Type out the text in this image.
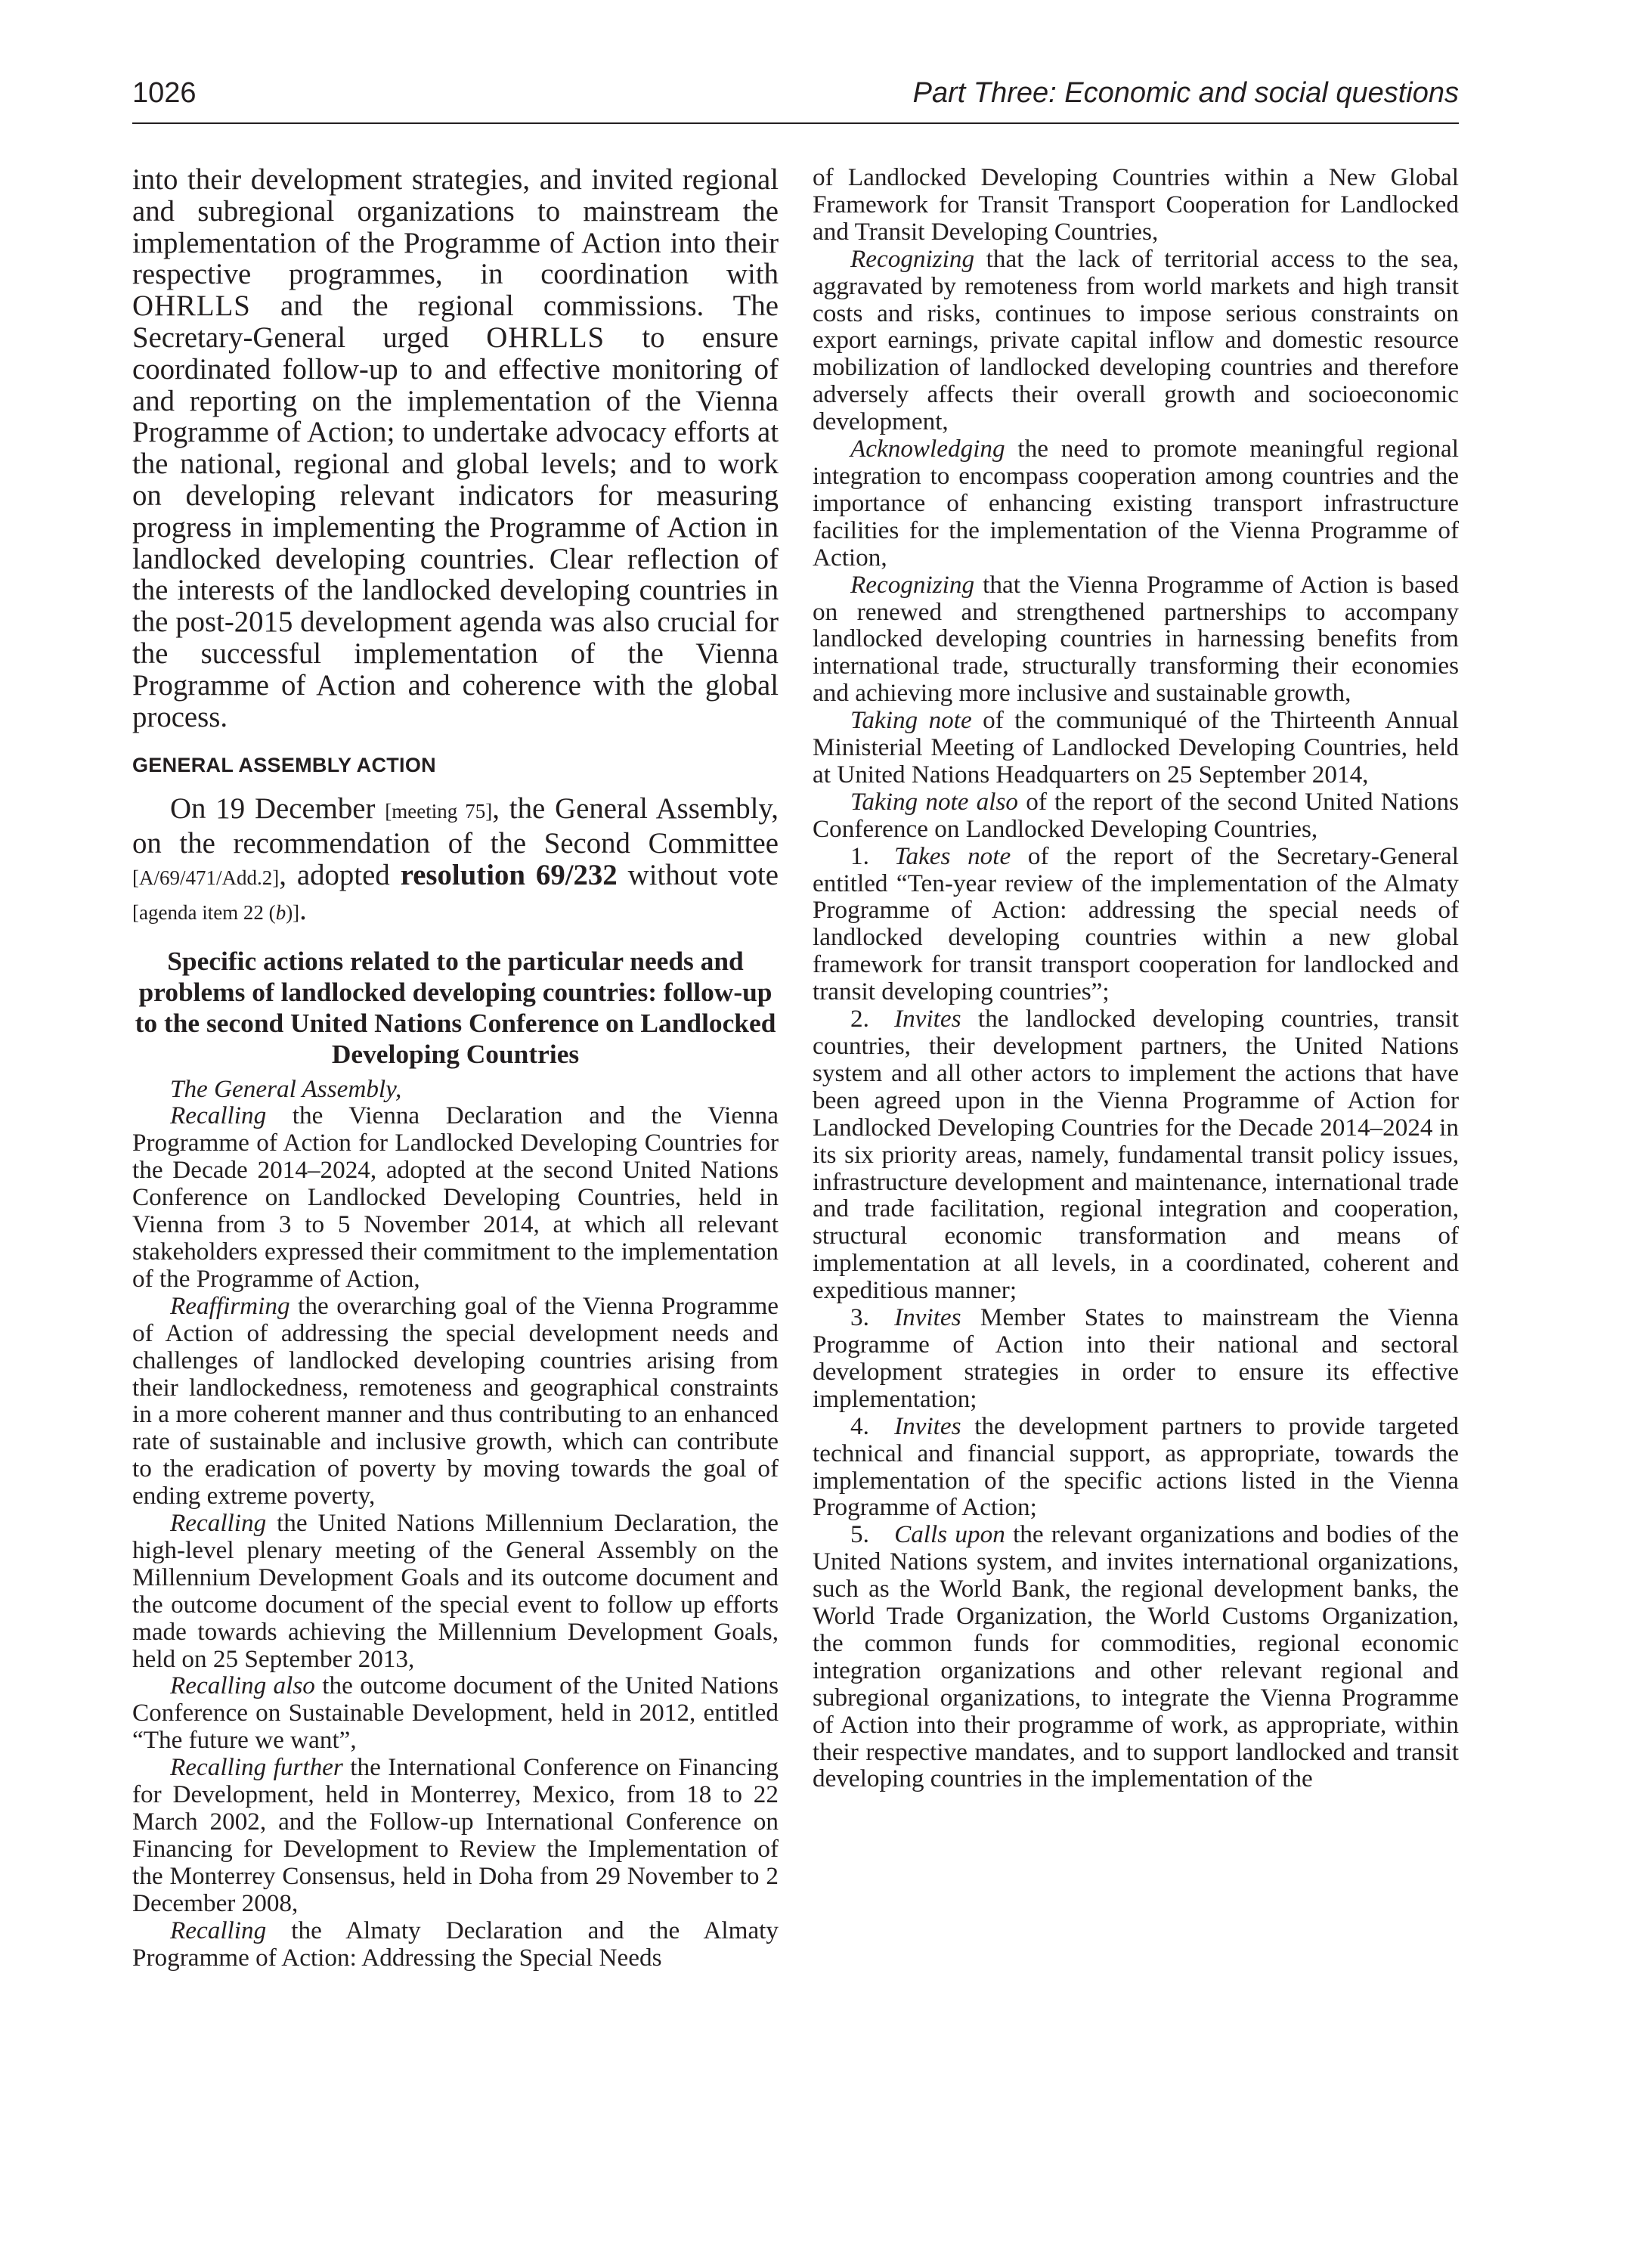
1026	Part Three: Economic and social questions

into their development strategies, and invited regional and subregional organizations to mainstream the implementation of the Programme of Action into their respective programmes, in coordination with OHRLLS and the regional commissions. The Secretary-General urged OHRLLS to ensure coordinated follow-up to and effective monitoring of and reporting on the implementation of the Vienna Programme of Action; to undertake advocacy efforts at the national, regional and global levels; and to work on developing relevant indicators for measuring progress in implementing the Programme of Action in landlocked developing countries. Clear reflection of the interests of the landlocked developing countries in the post-2015 development agenda was also crucial for the successful implementation of the Vienna Programme of Action and coherence with the global process.

GENERAL ASSEMBLY ACTION

On 19 December [meeting 75], the General Assembly, on the recommendation of the Second Committee [A/69/471/Add.2], adopted resolution 69/232 without vote [agenda item 22 (b)].

Specific actions related to the particular needs and problems of landlocked developing countries: follow-up to the second United Nations Conference on Landlocked Developing Countries

The General Assembly,

Recalling the Vienna Declaration and the Vienna Programme of Action for Landlocked Developing Countries for the Decade 2014–2024, adopted at the second United Nations Conference on Landlocked Developing Countries, held in Vienna from 3 to 5 November 2014, at which all relevant stakeholders expressed their commitment to the implementation of the Programme of Action,

Reaffirming the overarching goal of the Vienna Programme of Action of addressing the special development needs and challenges of landlocked developing countries arising from their landlockedness, remoteness and geographical constraints in a more coherent manner and thus contributing to an enhanced rate of sustainable and inclusive growth, which can contribute to the eradication of poverty by moving towards the goal of ending extreme poverty,

Recalling the United Nations Millennium Declaration, the high-level plenary meeting of the General Assembly on the Millennium Development Goals and its outcome document and the outcome document of the special event to follow up efforts made towards achieving the Millennium Development Goals, held on 25 September 2013,

Recalling also the outcome document of the United Nations Conference on Sustainable Development, held in 2012, entitled “The future we want”,

Recalling further the International Conference on Financing for Development, held in Monterrey, Mexico, from 18 to 22 March 2002, and the Follow-up International Conference on Financing for Development to Review the Implementation of the Monterrey Consensus, held in Doha from 29 November to 2 December 2008,

Recalling the Almaty Declaration and the Almaty Programme of Action: Addressing the Special Needs

of Landlocked Developing Countries within a New Global Framework for Transit Transport Cooperation for Landlocked and Transit Developing Countries,

Recognizing that the lack of territorial access to the sea, aggravated by remoteness from world markets and high transit costs and risks, continues to impose serious constraints on export earnings, private capital inflow and domestic resource mobilization of landlocked developing countries and therefore adversely affects their overall growth and socioeconomic development,

Acknowledging the need to promote meaningful regional integration to encompass cooperation among countries and the importance of enhancing existing transport infrastructure facilities for the implementation of the Vienna Programme of Action,

Recognizing that the Vienna Programme of Action is based on renewed and strengthened partnerships to accompany landlocked developing countries in harnessing benefits from international trade, structurally transforming their economies and achieving more inclusive and sustainable growth,

Taking note of the communiqué of the Thirteenth Annual Ministerial Meeting of Landlocked Developing Countries, held at United Nations Headquarters on 25 September 2014,

Taking note also of the report of the second United Nations Conference on Landlocked Developing Countries,

1.  Takes note of the report of the Secretary-General entitled “Ten-year review of the implementation of the Almaty Programme of Action: addressing the special needs of landlocked developing countries within a new global framework for transit transport cooperation for landlocked and transit developing countries”;

2.  Invites the landlocked developing countries, transit countries, their development partners, the United Nations system and all other actors to implement the actions that have been agreed upon in the Vienna Programme of Action for Landlocked Developing Countries for the Decade 2014–2024 in its six priority areas, namely, fundamental transit policy issues, infrastructure development and maintenance, international trade and trade facilitation, regional integration and cooperation, structural economic transformation and means of implementation at all levels, in a coordinated, coherent and expeditious manner;

3.  Invites Member States to mainstream the Vienna Programme of Action into their national and sectoral development strategies in order to ensure its effective implementation;

4.  Invites the development partners to provide targeted technical and financial support, as appropriate, towards the implementation of the specific actions listed in the Vienna Programme of Action;

5.  Calls upon the relevant organizations and bodies of the United Nations system, and invites international organizations, such as the World Bank, the regional development banks, the World Trade Organization, the World Customs Organization, the common funds for commodities, regional economic integration organizations and other relevant regional and subregional organizations, to integrate the Vienna Programme of Action into their programme of work, as appropriate, within their respective mandates, and to support landlocked and transit developing countries in the implementation of the
